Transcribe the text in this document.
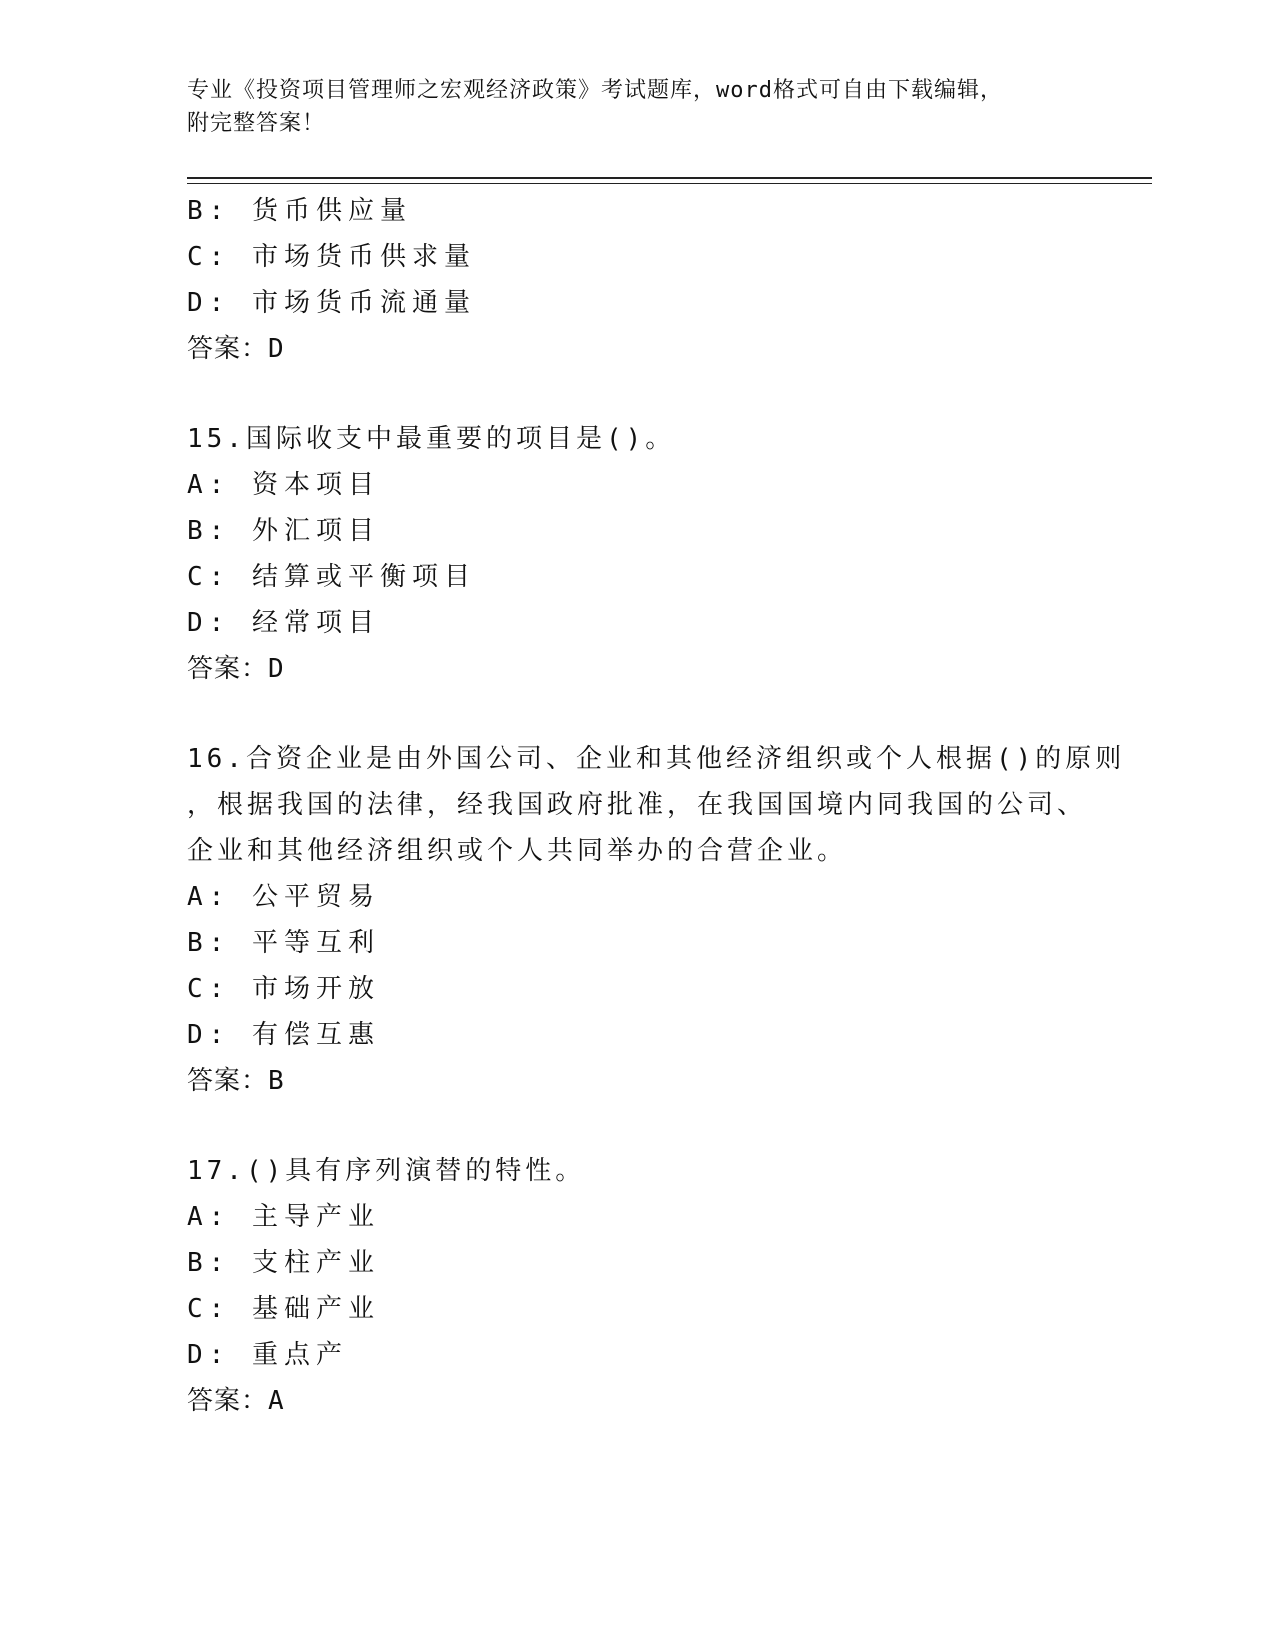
专业《投资项目管理师之宏观经济政策》考试题库，word格式可自由下载编辑，
附完整答案！
B: 货币供应量
C: 市场货币供求量
D: 市场货币流通量
答案：D
15.国际收支中最重要的项目是()。
A: 资本项目
B: 外汇项目
C: 结算或平衡项目
D: 经常项目
答案：D
16.合资企业是由外国公司、企业和其他经济组织或个人根据()的原则
，根据我国的法律，经我国政府批准，在我国国境内同我国的公司、
企业和其他经济组织或个人共同举办的合营企业。
A: 公平贸易
B: 平等互利
C: 市场开放
D: 有偿互惠
答案：B
17.()具有序列演替的特性。
A: 主导产业
B: 支柱产业
C: 基础产业
D: 重点产
答案：A
